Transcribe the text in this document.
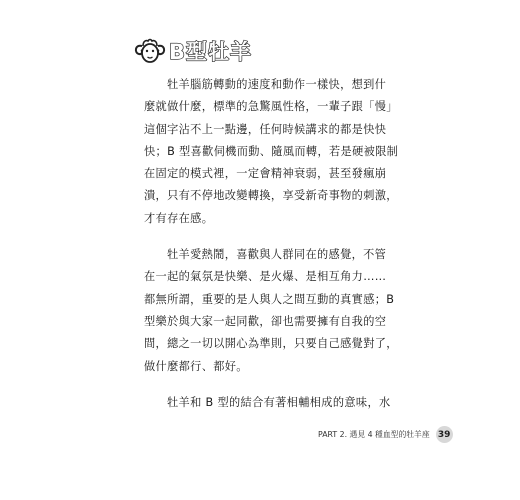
B型牡羊
牡羊腦筋轉動的速度和動作一樣快，想到什
麼就做什麼，標準的急驚風性格，一輩子跟「慢」
這個字沾不上一點邊，任何時候講求的都是快快
快；B 型喜歡伺機而動、隨風而轉，若是硬被限制
在固定的模式裡，一定會精神衰弱，甚至發瘋崩
潰，只有不停地改變轉換，享受新奇事物的刺激，
才有存在感。
牡羊愛熱鬧，喜歡與人群同在的感覺，不管
在一起的氣氛是快樂、是火爆、是相互角力……
都無所謂，重要的是人與人之間互動的真實感；B
型樂於與大家一起同歡，卻也需要擁有自我的空
間，總之一切以開心為準則，只要自己感覺對了，
做什麼都行、都好。
牡羊和 B 型的結合有著相輔相成的意味，水
PART 2. 遇見 4 種血型的牡羊座 39
